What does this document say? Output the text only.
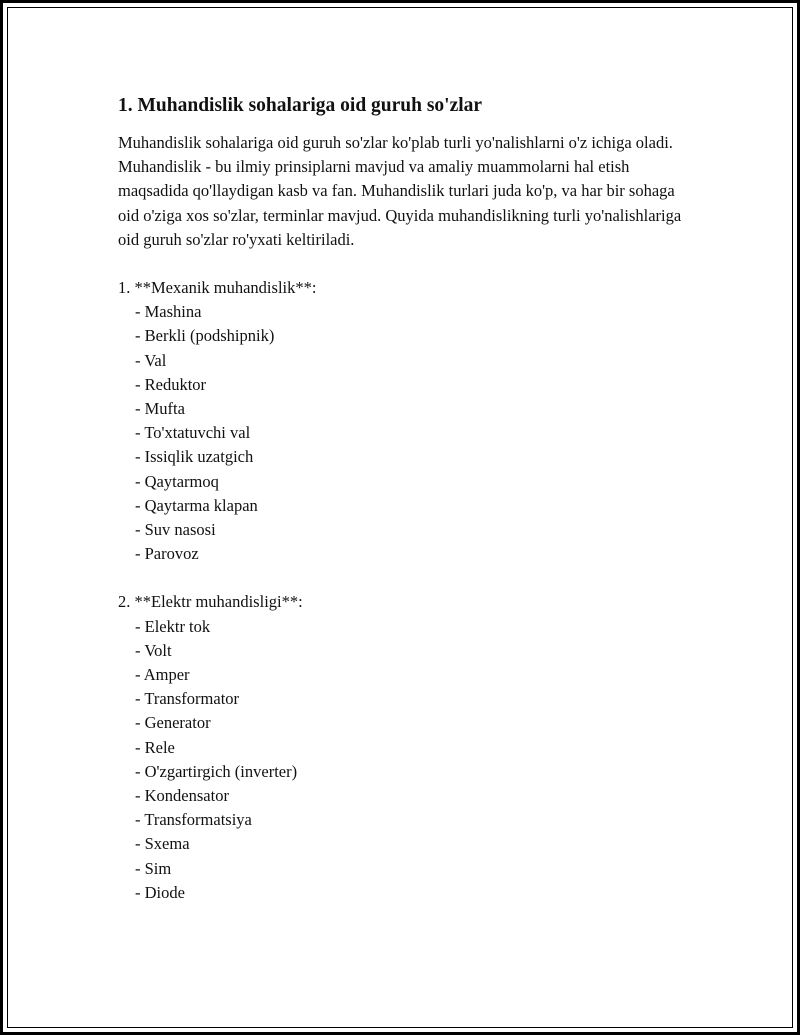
1. Muhandislik sohalariga oid guruh so'zlar

Muhandislik sohalariga oid guruh so'zlar ko'plab turli yo'nalishlarni o'z ichiga oladi. Muhandislik - bu ilmiy prinsiplarni mavjud va amaliy muammolarni hal etish maqsadida qo'llaydigan kasb va fan. Muhandislik turlari juda ko'p, va har bir sohaga oid o'ziga xos so'zlar, terminlar mavjud. Quyida muhandislikning turli yo'nalishlariga oid guruh so'zlar ro'yxati keltiriladi.

1. **Mexanik muhandislik**:

- Mashina
- Berkli (podshipnik)
- Val
- Reduktor
- Mufta
- To'xtatuvchi val
- Issiqlik uzatgich
- Qaytarmoq
- Qaytarma klapan
- Suv nasosi
- Parovoz

2. **Elektr muhandisligi**:

- Elektr tok
- Volt
- Amper
- Transformator
- Generator
- Rele
- O'zgartirgich (inverter)
- Kondensator
- Transformatsiya
- Sxema
- Sim
- Diode
